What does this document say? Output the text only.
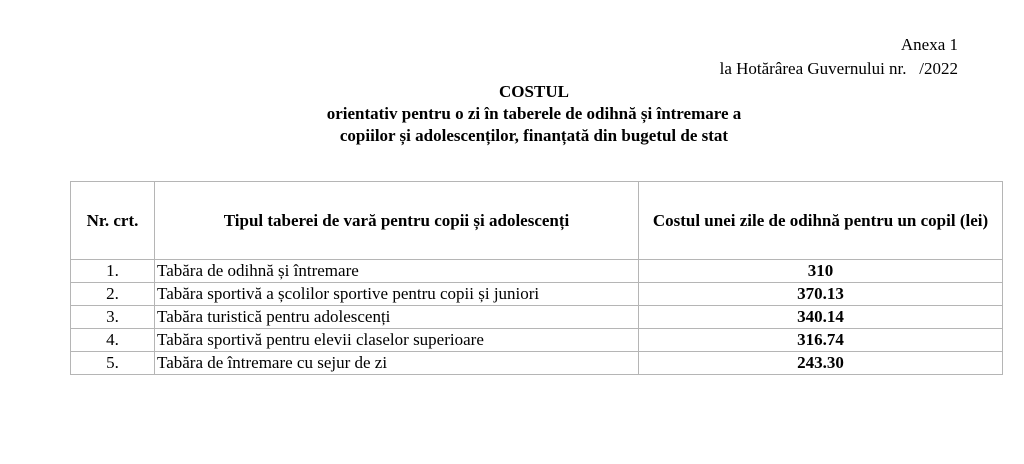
Anexa 1
la Hotărârea Guvernului nr.   /2022
COSTUL
orientativ pentru o zi în taberele de odihnă și întremare a
copiilor și adolescenților, finanțată din bugetul de stat
Nr. crt.	Tipul taberei de vară pentru copii și adolescenți	Costul unei zile de odihnă pentru un copil (lei)
1.	Tabăra de odihnă și întremare	310
2.	Tabăra sportivă a școlilor sportive pentru copii și juniori	370.13
3.	Tabăra turistică pentru adolescenți	340.14
4.	Tabăra sportivă pentru elevii claselor superioare	316.74
5.	Tabăra de întremare cu sejur de zi	243.30
